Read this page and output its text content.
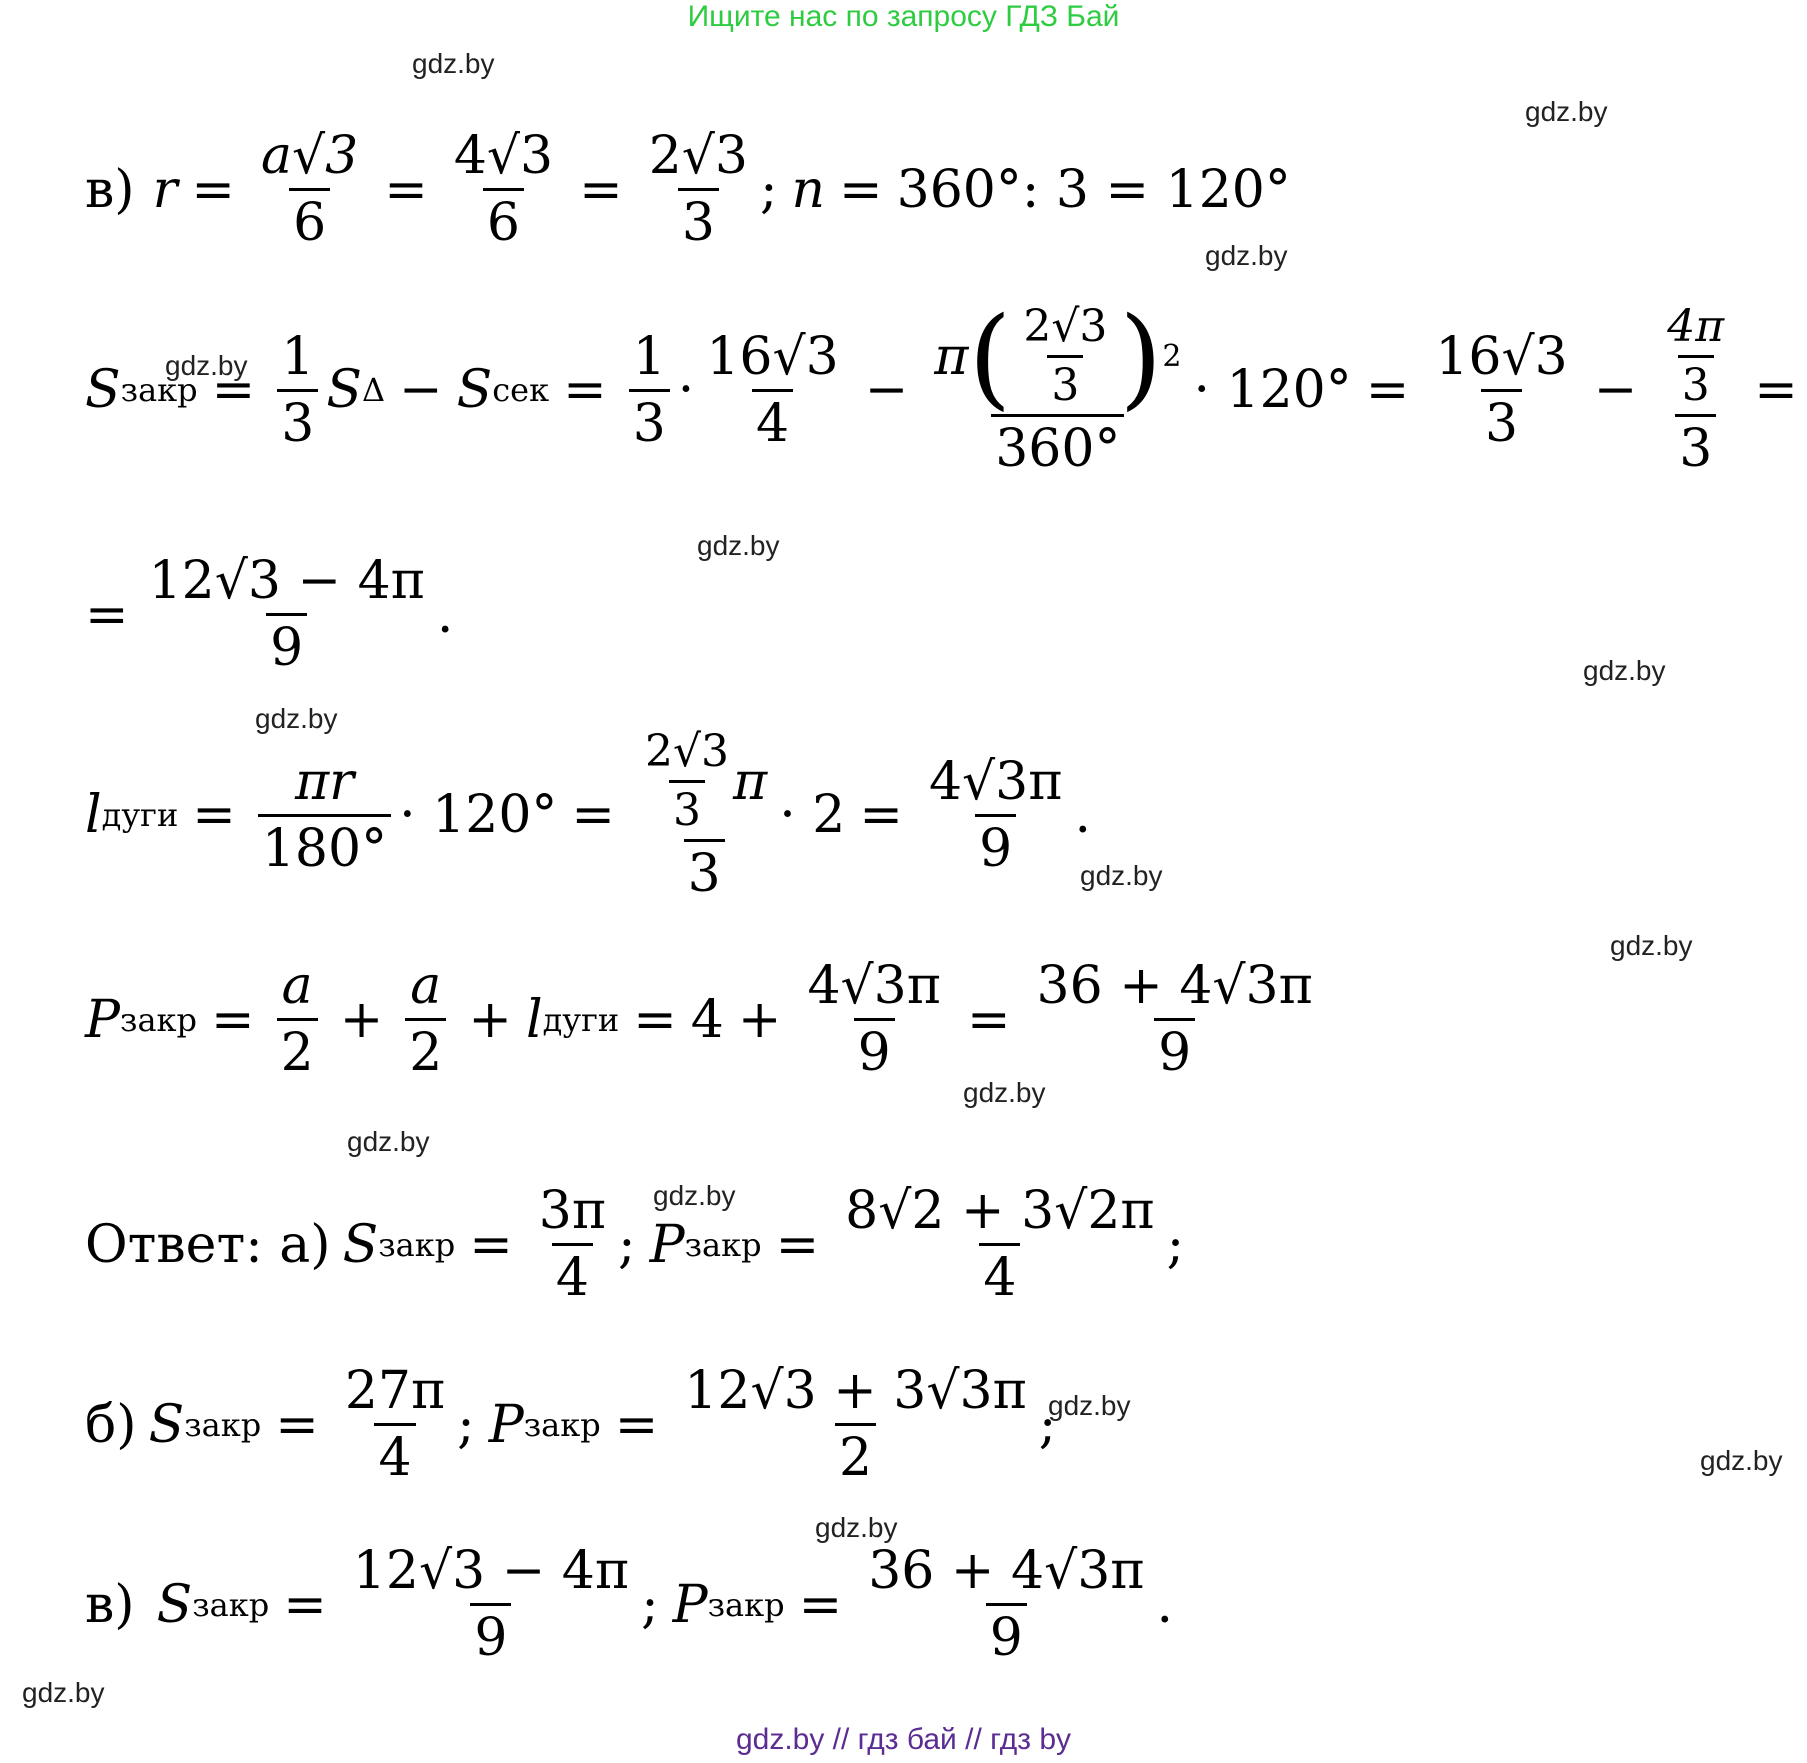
Ищите нас по запросу ГДЗ Бай
gdz.by
gdz.by
gdz.by
gdz.by
gdz.by
gdz.by
gdz.by
gdz.by
gdz.by
gdz.by
gdz.by
gdz.by
gdz.by
gdz.by
gdz.by
gdz.by
в) $r = \frac{a√3}{6} = \frac{4√3}{6} = \frac{2√3}{3}$ ; n = 360°: 3 = 120°
S закр = $\frac{1}{3}$ S Δ − S сек = $\frac{1}{3} \cdot \frac{16√3}{4} - \frac{\pi ( \frac{2√3}{3} ) 2}{360^\circ} \cdot 120^\circ = \frac{16√3}{3} - \frac{\frac{4\pi}{3}}{3}$ =
= $\frac{12√3 - 4\pi}{9}$ .
l дуги = $\frac{\pi r}{180^\circ} \cdot 120^\circ = \frac{\frac{2√3}{3} \pi}{3} \cdot 2 = \frac{4√3\pi}{9}$ .
P закр = $\frac{a}{2} + \frac{a}{2} + l$ дуги = $4 + \frac{4√3\pi}{9} = \frac{36 + 4√3\pi}{9}$
Ответ: а) S закр = $\frac{3\pi}{4}$ ; P закр = $\frac{8√2 + 3√2\pi}{4}$ ;
б) S закр = $\frac{27\pi}{4}$ ; P закр = $\frac{12√3 + 3√3\pi}{2}$ ;
в) S закр = $\frac{12√3 - 4\pi}{9}$ ; P закр = $\frac{36 + 4√3\pi}{9}$ .
gdz.by // гдз бай // гдз by
